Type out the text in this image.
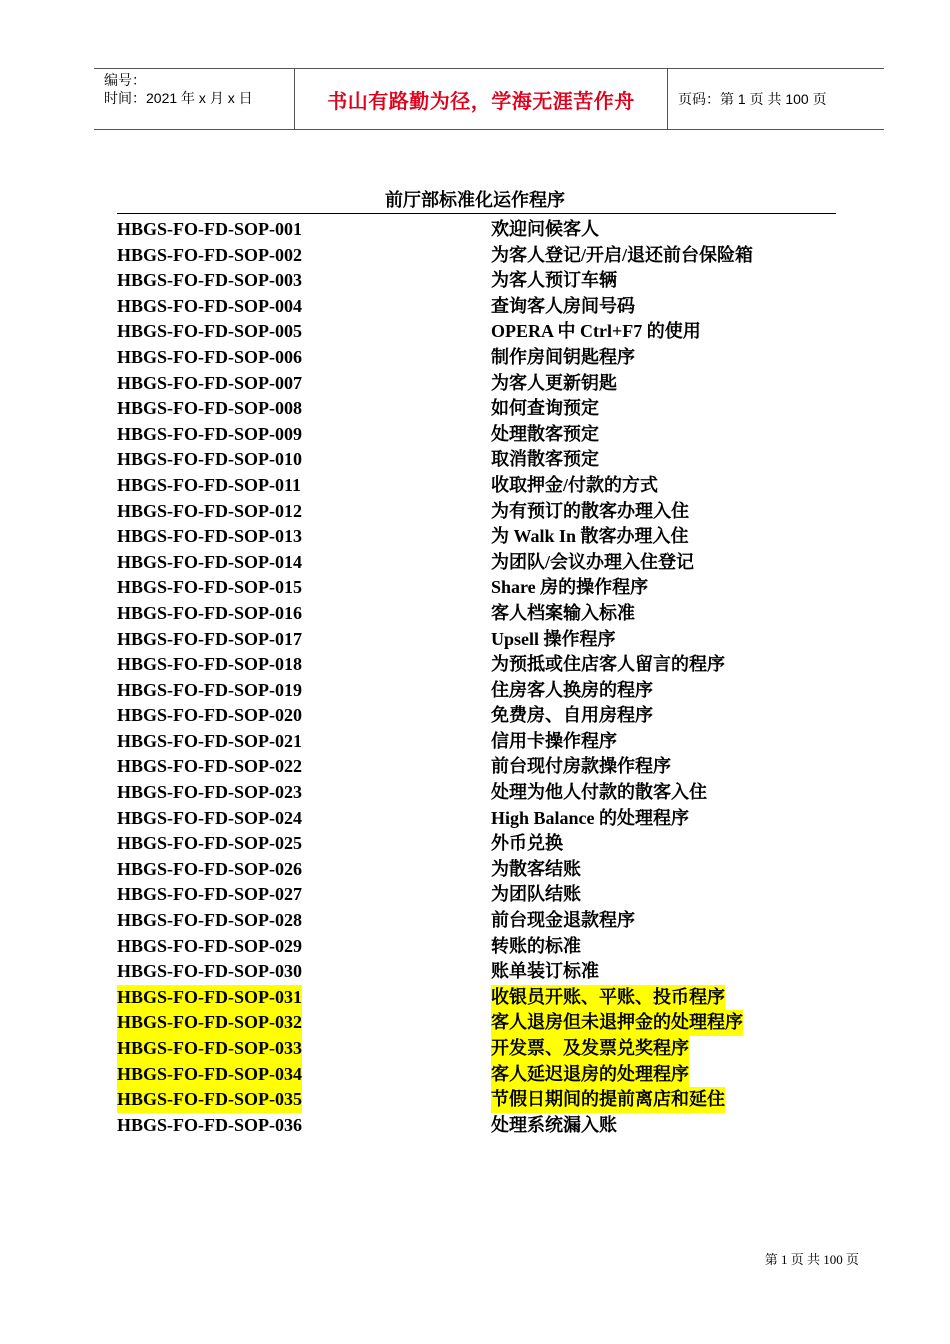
编号：
时间：2021 年 x 月 x 日	书山有路勤为径，学海无涯苦作舟	页码：第 1 页 共 100 页
前厅部标准化运作程序
HBGS-FO-FD-SOP-001	欢迎问候客人
HBGS-FO-FD-SOP-002	为客人登记/开启/退还前台保险箱
HBGS-FO-FD-SOP-003	为客人预订车辆
HBGS-FO-FD-SOP-004	查询客人房间号码
HBGS-FO-FD-SOP-005	OPERA 中 Ctrl+F7 的使用
HBGS-FO-FD-SOP-006	制作房间钥匙程序
HBGS-FO-FD-SOP-007	为客人更新钥匙
HBGS-FO-FD-SOP-008	如何查询预定
HBGS-FO-FD-SOP-009	处理散客预定
HBGS-FO-FD-SOP-010	取消散客预定
HBGS-FO-FD-SOP-011	收取押金/付款的方式
HBGS-FO-FD-SOP-012	为有预订的散客办理入住
HBGS-FO-FD-SOP-013	为 Walk In 散客办理入住
HBGS-FO-FD-SOP-014	为团队/会议办理入住登记
HBGS-FO-FD-SOP-015	Share 房的操作程序
HBGS-FO-FD-SOP-016	客人档案输入标准
HBGS-FO-FD-SOP-017	Upsell 操作程序
HBGS-FO-FD-SOP-018	为预抵或住店客人留言的程序
HBGS-FO-FD-SOP-019	住房客人换房的程序
HBGS-FO-FD-SOP-020	免费房、自用房程序
HBGS-FO-FD-SOP-021	信用卡操作程序
HBGS-FO-FD-SOP-022	前台现付房款操作程序
HBGS-FO-FD-SOP-023	处理为他人付款的散客入住
HBGS-FO-FD-SOP-024	High Balance 的处理程序
HBGS-FO-FD-SOP-025	外币兑换
HBGS-FO-FD-SOP-026	为散客结账
HBGS-FO-FD-SOP-027	为团队结账
HBGS-FO-FD-SOP-028	前台现金退款程序
HBGS-FO-FD-SOP-029	转账的标准
HBGS-FO-FD-SOP-030	账单装订标准
HBGS-FO-FD-SOP-031	收银员开账、平账、投币程序
HBGS-FO-FD-SOP-032	客人退房但未退押金的处理程序
HBGS-FO-FD-SOP-033	开发票、及发票兑奖程序
HBGS-FO-FD-SOP-034	客人延迟退房的处理程序
HBGS-FO-FD-SOP-035	节假日期间的提前离店和延住
HBGS-FO-FD-SOP-036	处理系统漏入账
第 1 页 共 100 页
